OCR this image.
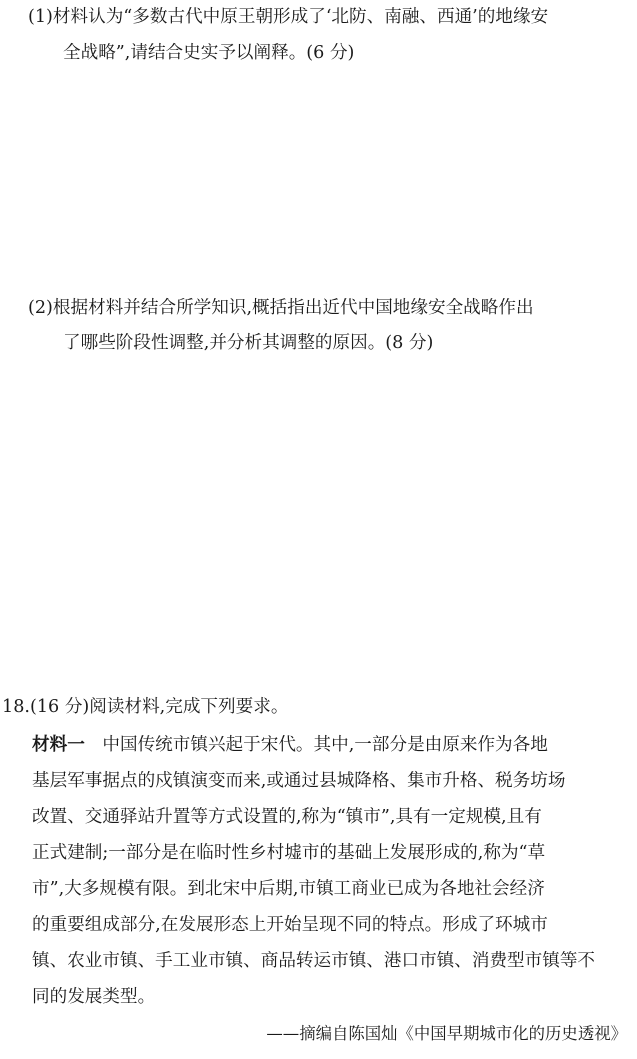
(1)材料认为“多数古代中原王朝形成了‘北防、南融、西通’的地缘安
全战略”,请结合史实予以阐释。(6 分)
(2)根据材料并结合所学知识,概括指出近代中国地缘安全战略作出
了哪些阶段性调整,并分析其调整的原因。(8 分)
18.(16 分)阅读材料,完成下列要求。
材料一　中国传统市镇兴起于宋代。其中,一部分是由原来作为各地
基层军事据点的戍镇演变而来,或通过县城降格、集市升格、税务坊场
改置、交通驿站升置等方式设置的,称为“镇市”,具有一定规模,且有
正式建制;一部分是在临时性乡村墟市的基础上发展形成的,称为“草
市”,大多规模有限。到北宋中后期,市镇工商业已成为各地社会经济
的重要组成部分,在发展形态上开始呈现不同的特点。形成了环城市
镇、农业市镇、手工业市镇、商品转运市镇、港口市镇、消费型市镇等不
同的发展类型。
——摘编自陈国灿《中国早期城市化的历史透视》
